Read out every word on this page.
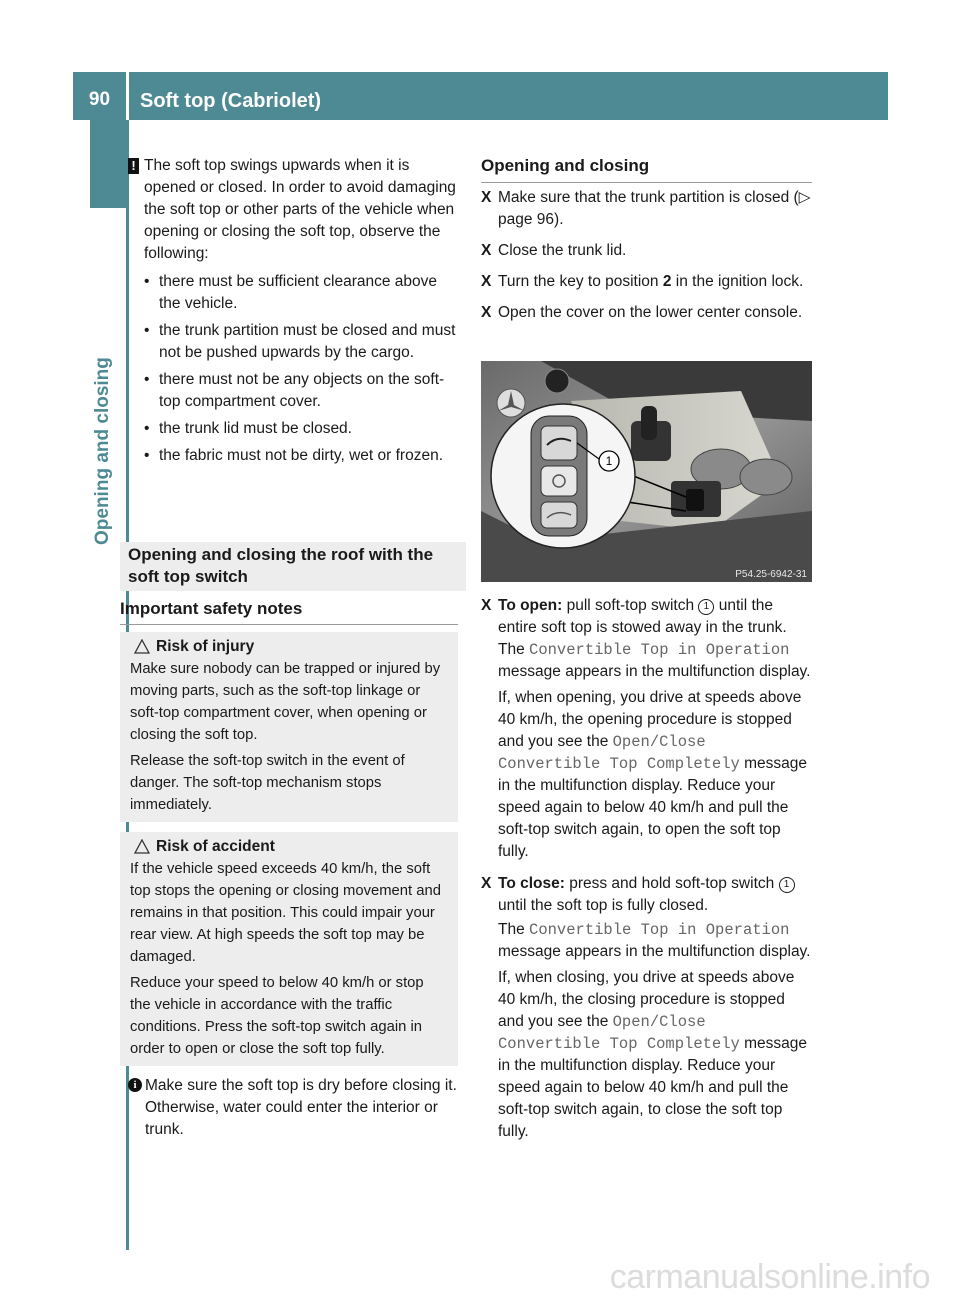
90	Soft top (Cabriolet)
Opening and closing
! The soft top swings upwards when it is opened or closed. In order to avoid damaging the soft top or other parts of the vehicle when opening or closing the soft top, observe the following:

• there must be sufficient clearance above the vehicle.
• the trunk partition must be closed and must not be pushed upwards by the cargo.
• there must not be any objects on the soft-top compartment cover.
• the trunk lid must be closed.
• the fabric must not be dirty, wet or frozen.
Opening and closing the roof with the soft top switch
Important safety notes
Risk of injury

Make sure nobody can be trapped or injured by moving parts, such as the soft-top linkage or soft-top compartment cover, when opening or closing the soft top.

Release the soft-top switch in the event of danger. The soft-top mechanism stops immediately.

Risk of accident

If the vehicle speed exceeds 40 km/h, the soft top stops the opening or closing movement and remains in that position. This could impair your rear view. At high speeds the soft top may be damaged.

Reduce your speed to below 40 km/h or stop the vehicle in accordance with the traffic conditions. Press the soft-top switch again in order to open or close the soft top fully.

i Make sure the soft top is dry before closing it. Otherwise, water could enter the interior or trunk.

Opening and closing
X Make sure that the trunk partition is closed (▷ page 96).
X Close the trunk lid.
X Turn the key to position 2 in the ignition lock.
X Open the cover on the lower center console.
1
P54.25-6942-31
X To open: pull soft-top switch 1 until the entire soft top is stowed away in the trunk.

The Convertible Top in Operation message appears in the multifunction display.

If, when opening, you drive at speeds above 40 km/h, the opening procedure is stopped and you see the Open/Close Convertible Top Completely message in the multifunction display. Reduce your speed again to below 40 km/h and pull the soft-top switch again, to open the soft top fully.

X To close: press and hold soft-top switch 1 until the soft top is fully closed.

The Convertible Top in Operation message appears in the multifunction display.

If, when closing, you drive at speeds above 40 km/h, the closing procedure is stopped and you see the Open/Close Convertible Top Completely message in the multifunction display. Reduce your speed again to below 40 km/h and pull the soft-top switch again, to close the soft top fully.

carmanualsonline.info
